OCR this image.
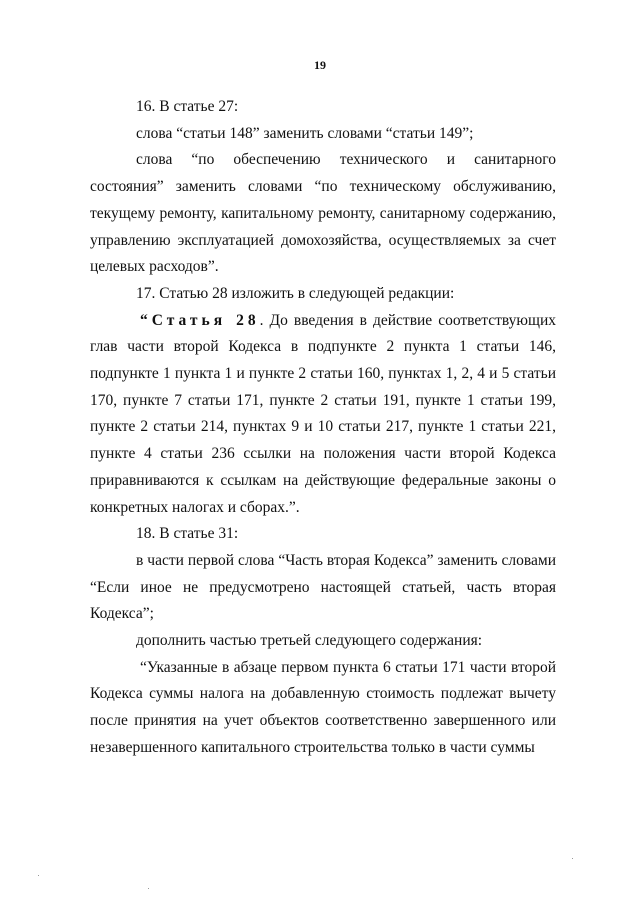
19

16. В статье 27:

слова “статьи 148” заменить словами “статьи 149”;

слова “по обеспечению технического и санитарного состояния” заменить словами “по техническому обслуживанию, текущему ремонту, капитальному ремонту, санитарному содержанию, управлению эксплуатацией домохозяйства, осуществляемых за счет целевых расходов”.

17. Статью 28 изложить в следующей редакции:

“Статья 28. До введения в действие соответствующих глав части второй Кодекса в подпункте 2 пункта 1 статьи 146, подпункте 1 пункта 1 и пункте 2 статьи 160, пунктах 1, 2, 4 и 5 статьи 170, пункте 7 статьи 171, пункте 2 статьи 191, пункте 1 статьи 199, пункте 2 статьи 214, пунктах 9 и 10 статьи 217, пункте 1 статьи 221, пункте 4 статьи 236 ссылки на положения части второй Кодекса приравниваются к ссылкам на действующие федеральные законы о конкретных налогах и сборах.”.

18. В статье 31:

в части первой слова “Часть вторая Кодекса” заменить словами “Если иное не предусмотрено настоящей статьей, часть вторая Кодекса”;

дополнить частью третьей следующего содержания:

“Указанные в абзаце первом пункта 6 статьи 171 части второй Кодекса суммы налога на добавленную стоимость подлежат вычету после принятия на учет объектов соответственно завершенного или незавершенного капитального строительства только в части суммы
